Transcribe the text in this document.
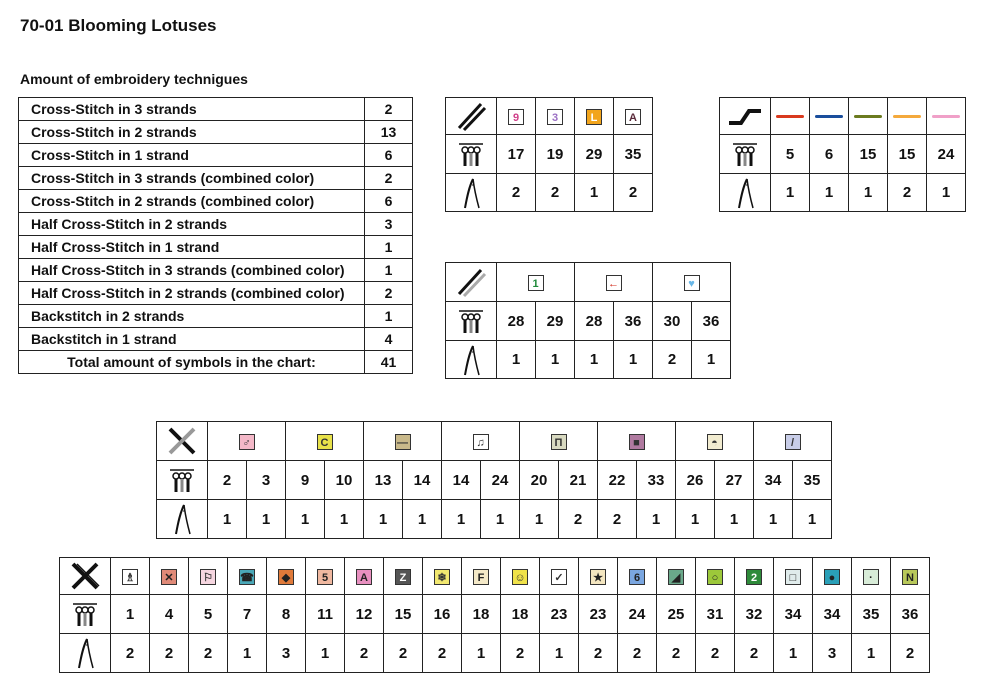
70-01 Blooming Lotuses
Amount of embroidery technigues
Cross-Stitch in 3 strands	2
Cross-Stitch in 2 strands	13
Cross-Stitch in 1 strand	6
Cross-Stitch in 3 strands (combined color)	2
Cross-Stitch in 2 strands (combined color)	6
Half Cross-Stitch in 2 strands	3
Half Cross-Stitch in 1 strand	1
Half Cross-Stitch in 3 strands (combined color)	1
Half Cross-Stitch in 2 strands (combined color)	2
Backstitch in 2 strands	1
Backstitch in 1 strand	4
Total amount of symbols in the chart:	41
	9	3	L	A

	17	19	29	35

	2	2	1	2

	5	6	15	15	24

	1	1	1	2	1
	1		←		♥	

	28	29	28	36	30	36

	1	1	1	1	2	1
	♂		C		—		♫		Π		■		◓		/	

	2	3	9	10	13	14	14	24	20	21	22	33	26	27	34	35

	1	1	1	1	1	1	1	1	1	2	2	1	1	1	1	1
	♗	✕	⚐	☎	◆	5	A	Z	❄	F	☺	✓	★	6	◢	○	2	□	●	·	N

	1	4	5	7	8	11	12	15	16	18	18	23	23	24	25	31	32	34	34	35	36

	2	2	2	1	3	1	2	2	2	1	2	1	2	2	2	2	2	1	3	1	2
